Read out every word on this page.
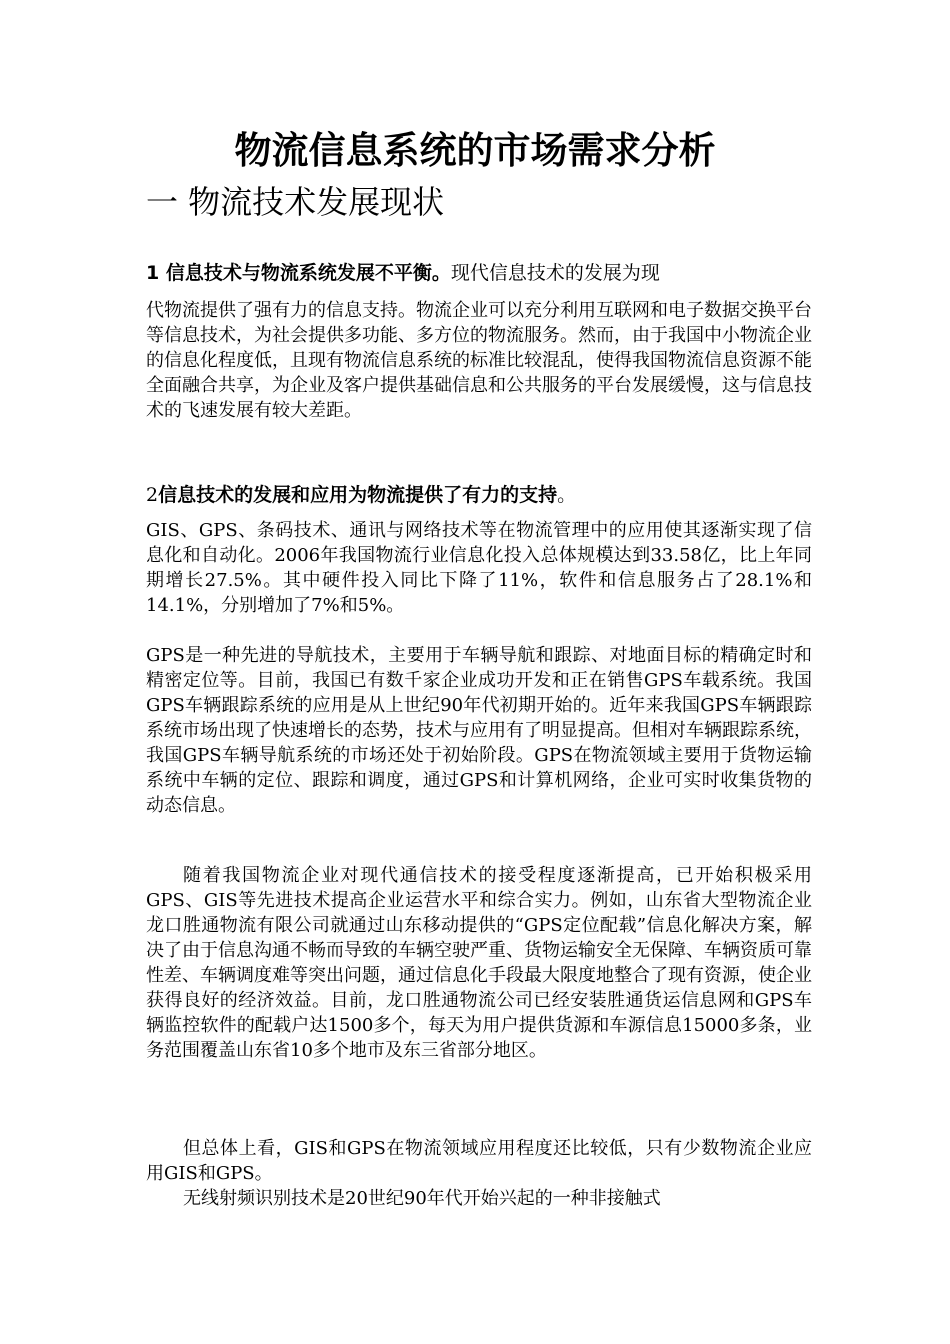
物流信息系统的市场需求分析
一 物流技术发展现状

1 信息技术与物流系统发展不平衡。现代信息技术的发展为现

代物流提供了强有力的信息支持。物流企业可以充分利用互联网和电子数据交换平台等信息技术，为社会提供多功能、多方位的物流服务。然而，由于我国中小物流企业的信息化程度低，且现有物流信息系统的标准比较混乱，使得我国物流信息资源不能全面融合共享，为企业及客户提供基础信息和公共服务的平台发展缓慢，这与信息技术的飞速发展有较大差距。

2信息技术的发展和应用为物流提供了有力的支持。

GIS、GPS、条码技术、通讯与网络技术等在物流管理中的应用使其逐渐实现了信息化和自动化。2006年我国物流行业信息化投入总体规模达到33.58亿，比上年同期增长27.5%。其中硬件投入同比下降了11%，软件和信息服务占了28.1%和14.1%，分别增加了7%和5%。

GPS是一种先进的导航技术，主要用于车辆导航和跟踪、对地面目标的精确定时和精密定位等。目前，我国已有数千家企业成功开发和正在销售GPS车载系统。我国GPS车辆跟踪系统的应用是从上世纪90年代初期开始的。近年来我国GPS车辆跟踪系统市场出现了快速增长的态势，技术与应用有了明显提高。但相对车辆跟踪系统，我国GPS车辆导航系统的市场还处于初始阶段。GPS在物流领域主要用于货物运输系统中车辆的定位、跟踪和调度，通过GPS和计算机网络，企业可实时收集货物的动态信息。

随着我国物流企业对现代通信技术的接受程度逐渐提高，已开始积极采用GPS、GIS等先进技术提高企业运营水平和综合实力。例如，山东省大型物流企业龙口胜通物流有限公司就通过山东移动提供的“GPS定位配载”信息化解决方案，解决了由于信息沟通不畅而导致的车辆空驶严重、货物运输安全无保障、车辆资质可靠性差、车辆调度难等突出问题，通过信息化手段最大限度地整合了现有资源，使企业获得良好的经济效益。目前，龙口胜通物流公司已经安装胜通货运信息网和GPS车辆监控软件的配载户达1500多个，每天为用户提供货源和车源信息15000多条，业务范围覆盖山东省10多个地市及东三省部分地区。

但总体上看，GIS和GPS在物流领域应用程度还比较低，只有少数物流企业应用GIS和GPS。

无线射频识别技术是20世纪90年代开始兴起的一种非接触式
